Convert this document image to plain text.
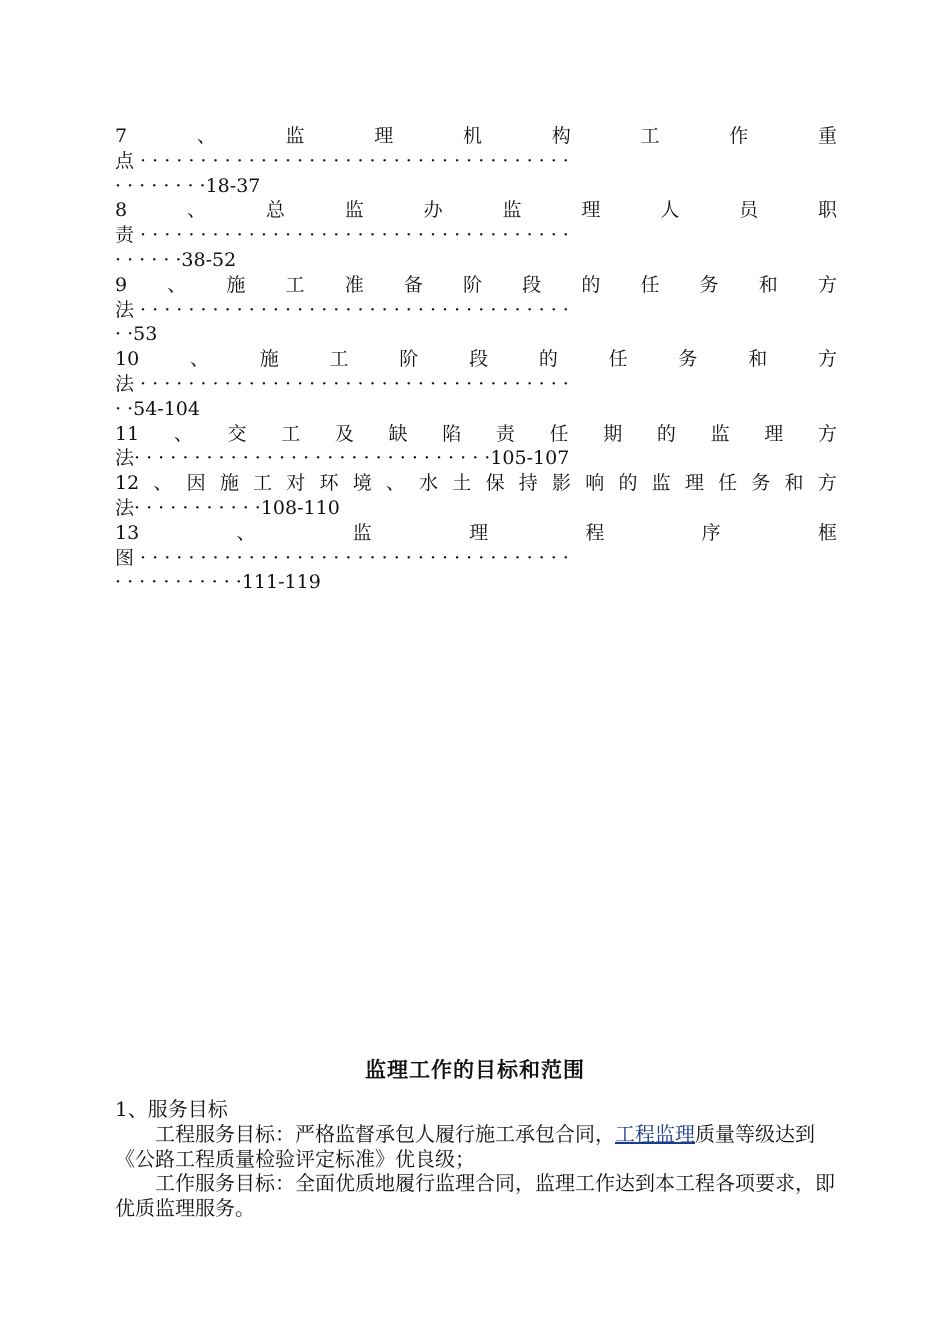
7	、	监	理	机	构	工	作	重
点 · · · · · · · · · · · · · · · · · · · · · · · · · · · · · · · · · · · ·
· · · · · · · ·18-37
8	、	总	监	办	监	理	人	员	职
责 · · · · · · · · · · · · · · · · · · · · · · · · · · · · · · · · · · · ·
· · · · · ·38-52
9 、 施 工 准 备 阶 段 的 任 务 和 方
法 · · · · · · · · · · · · · · · · · · · · · · · · · · · · · · · · · · · ·
· ·53
10	、	施	工	阶	段	的	任	务	和	方
法 · · · · · · · · · · · · · · · · · · · · · · · · · · · · · · · · · · · ·
· ·54-104
11 、 交 工 及 缺 陷 责 任 期 的 监 理 方
法· · · · · · · · · · · · · · · · · · · · · · · · · · · · · ·105-107
12 、 因 施 工 对 环 境 、 水 土 保 持 影 响 的 监 理 任 务 和 方
法· · · · · · · · · · ·108-110
13	、	监	理	程	序	框
图 · · · · · · · · · · · · · · · · · · · · · · · · · · · · · · · · · · · ·
· · · · · · · · · · ·111-119
监理工作的目标和范围

1、服务目标

工程服务目标：严格监督承包人履行施工承包合同，工程监理质量等级达到《公路工程质量检验评定标准》优良级；

工作服务目标：全面优质地履行监理合同，监理工作达到本工程各项要求，即优质监理服务。
